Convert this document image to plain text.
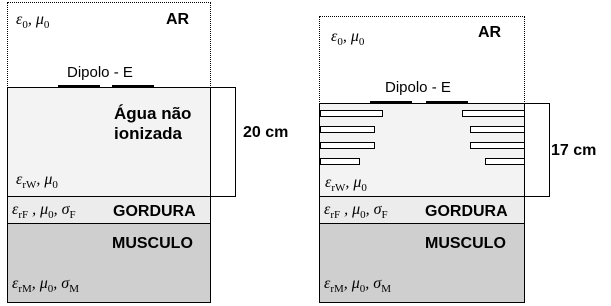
$\varepsilon_0$, $\mu_0$	AR
Dipolo - E
Água não
ionizada
$\varepsilon_{rW}$, $\mu_0$
20 cm
$\varepsilon_{rF}$ , $\mu_0$, $\sigma_F$ GORDURA
MUSCULO
$\varepsilon_{rM}$, $\mu_0$, $\sigma_M$
$\varepsilon_0$, $\mu_0$
AR
Dipolo - E
$\varepsilon_{rW}$, $\mu_0$
17 cm
$\varepsilon_{rF}$ , $\mu_0$, $\sigma_F$ GORDURA
MUSCULO
$\varepsilon_{rM}$, $\mu_0$, $\sigma_M$
